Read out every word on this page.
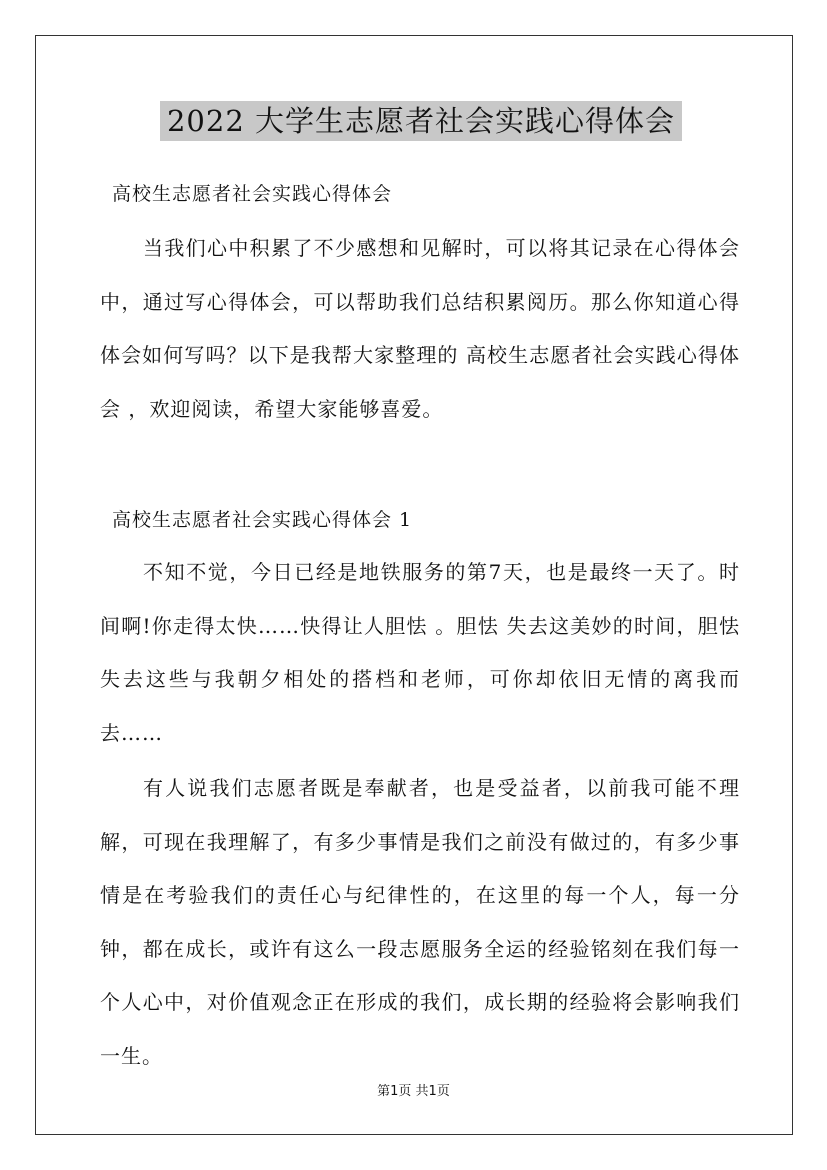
2022 大学生志愿者社会实践心得体会
高校生志愿者社会实践心得体会

当我们心中积累了不少感想和见解时，可以将其记录在心得体会中，通过写心得体会，可以帮助我们总结积累阅历。那么你知道心得体会如何写吗？以下是我帮大家整理的 高校生志愿者社会实践心得体会 ，欢迎阅读，希望大家能够喜爱。

高校生志愿者社会实践心得体会 1

不知不觉，今日已经是地铁服务的第7天，也是最终一天了。时间啊!你走得太快……快得让人胆怯 。胆怯 失去这美妙的时间，胆怯 失去这些与我朝夕相处的搭档和老师，可你却依旧无情的离我而去……

有人说我们志愿者既是奉献者，也是受益者，以前我可能不理解，可现在我理解了，有多少事情是我们之前没有做过的，有多少事情是在考验我们的责任心与纪律性的，在这里的每一个人，每一分钟，都在成长，或许有这么一段志愿服务全运的经验铭刻在我们每一个人心中，对价值观念正在形成的我们，成长期的经验将会影响我们一生。

第1页 共1页
